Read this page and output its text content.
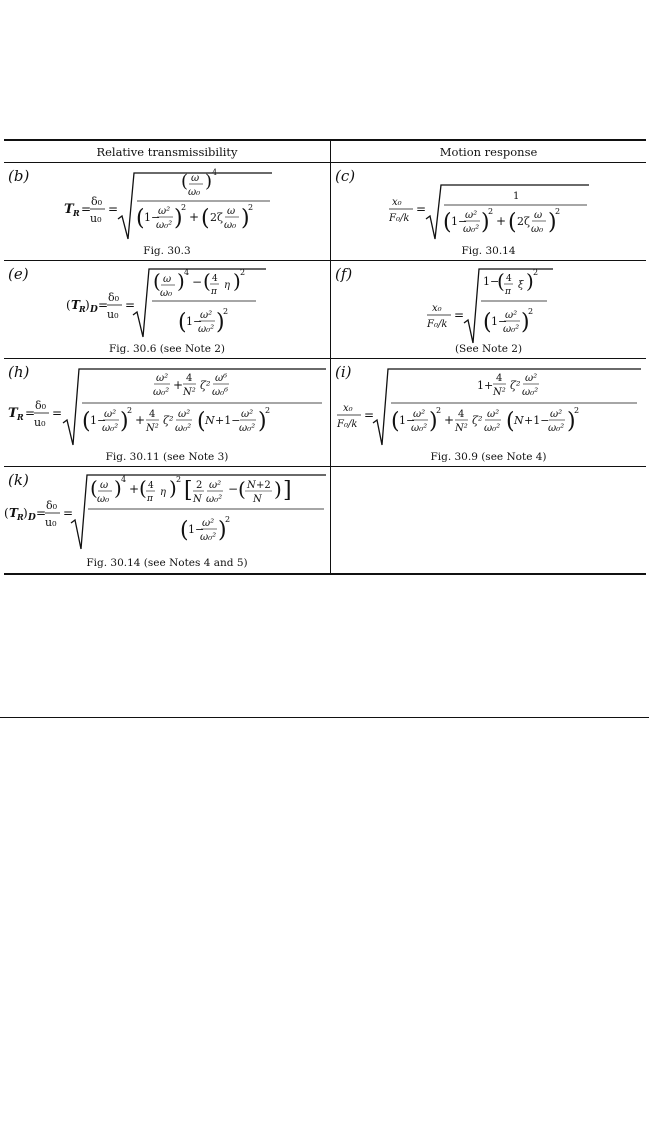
Relative transmissibility	Motion response
(b)
T R =
δ₀
u₀
=
( ω
ω₀
) 4
( 1−
ω²
ω₀² )
2
+ ( 2ζ ω
ω₀ )
2
Fig. 30.3
(c)
x₀
F₀/k
=
1
( 1−
ω²
ω₀² )
2
+ ( 2ζ ω
ω₀ )
2
Fig. 30.14
(e)
( T R ) D =
δ₀
u₀
=
( ω
ω₀
) 4
− ( 4
π
η ) 2
( 1−
ω²
ω₀² )
2
Fig. 30.6 (see Note 2)
(f)
x₀
F₀/k
=
1−
( 4
π
ξ ) 2
( 1−
ω²
ω₀² )
2
(See Note 2)
(h)
T R =
δ₀
u₀
=
ω²
ω₀²
+ 4
N²
ζ²
ω⁶
ω₀⁶
( 1−
ω²
ω₀² )
2
+ 4
N²
ζ² ω²
ω₀² ( N +1− ω²
ω₀² )
2
Fig. 30.11 (see Note 3)
(i)
x₀
F₀/k
=
1+
4
N²
ζ²
ω²
ω₀²
( 1−
ω²
ω₀² )
2
+ 4
N²
ζ² ω²
ω₀² ( N +1− ω²
ω₀² )
2
Fig. 30.9 (see Note 4)
(k)
( T R ) D =
δ₀
u₀
=
( ω
ω₀ ) 4
+ ( 4
π
η ) 2 [ 2
N
ω²
ω₀²
− ( N +2
N ) ]
( 1−
ω²
ω₀² )
2
Fig. 30.14 (see Notes 4 and 5)
